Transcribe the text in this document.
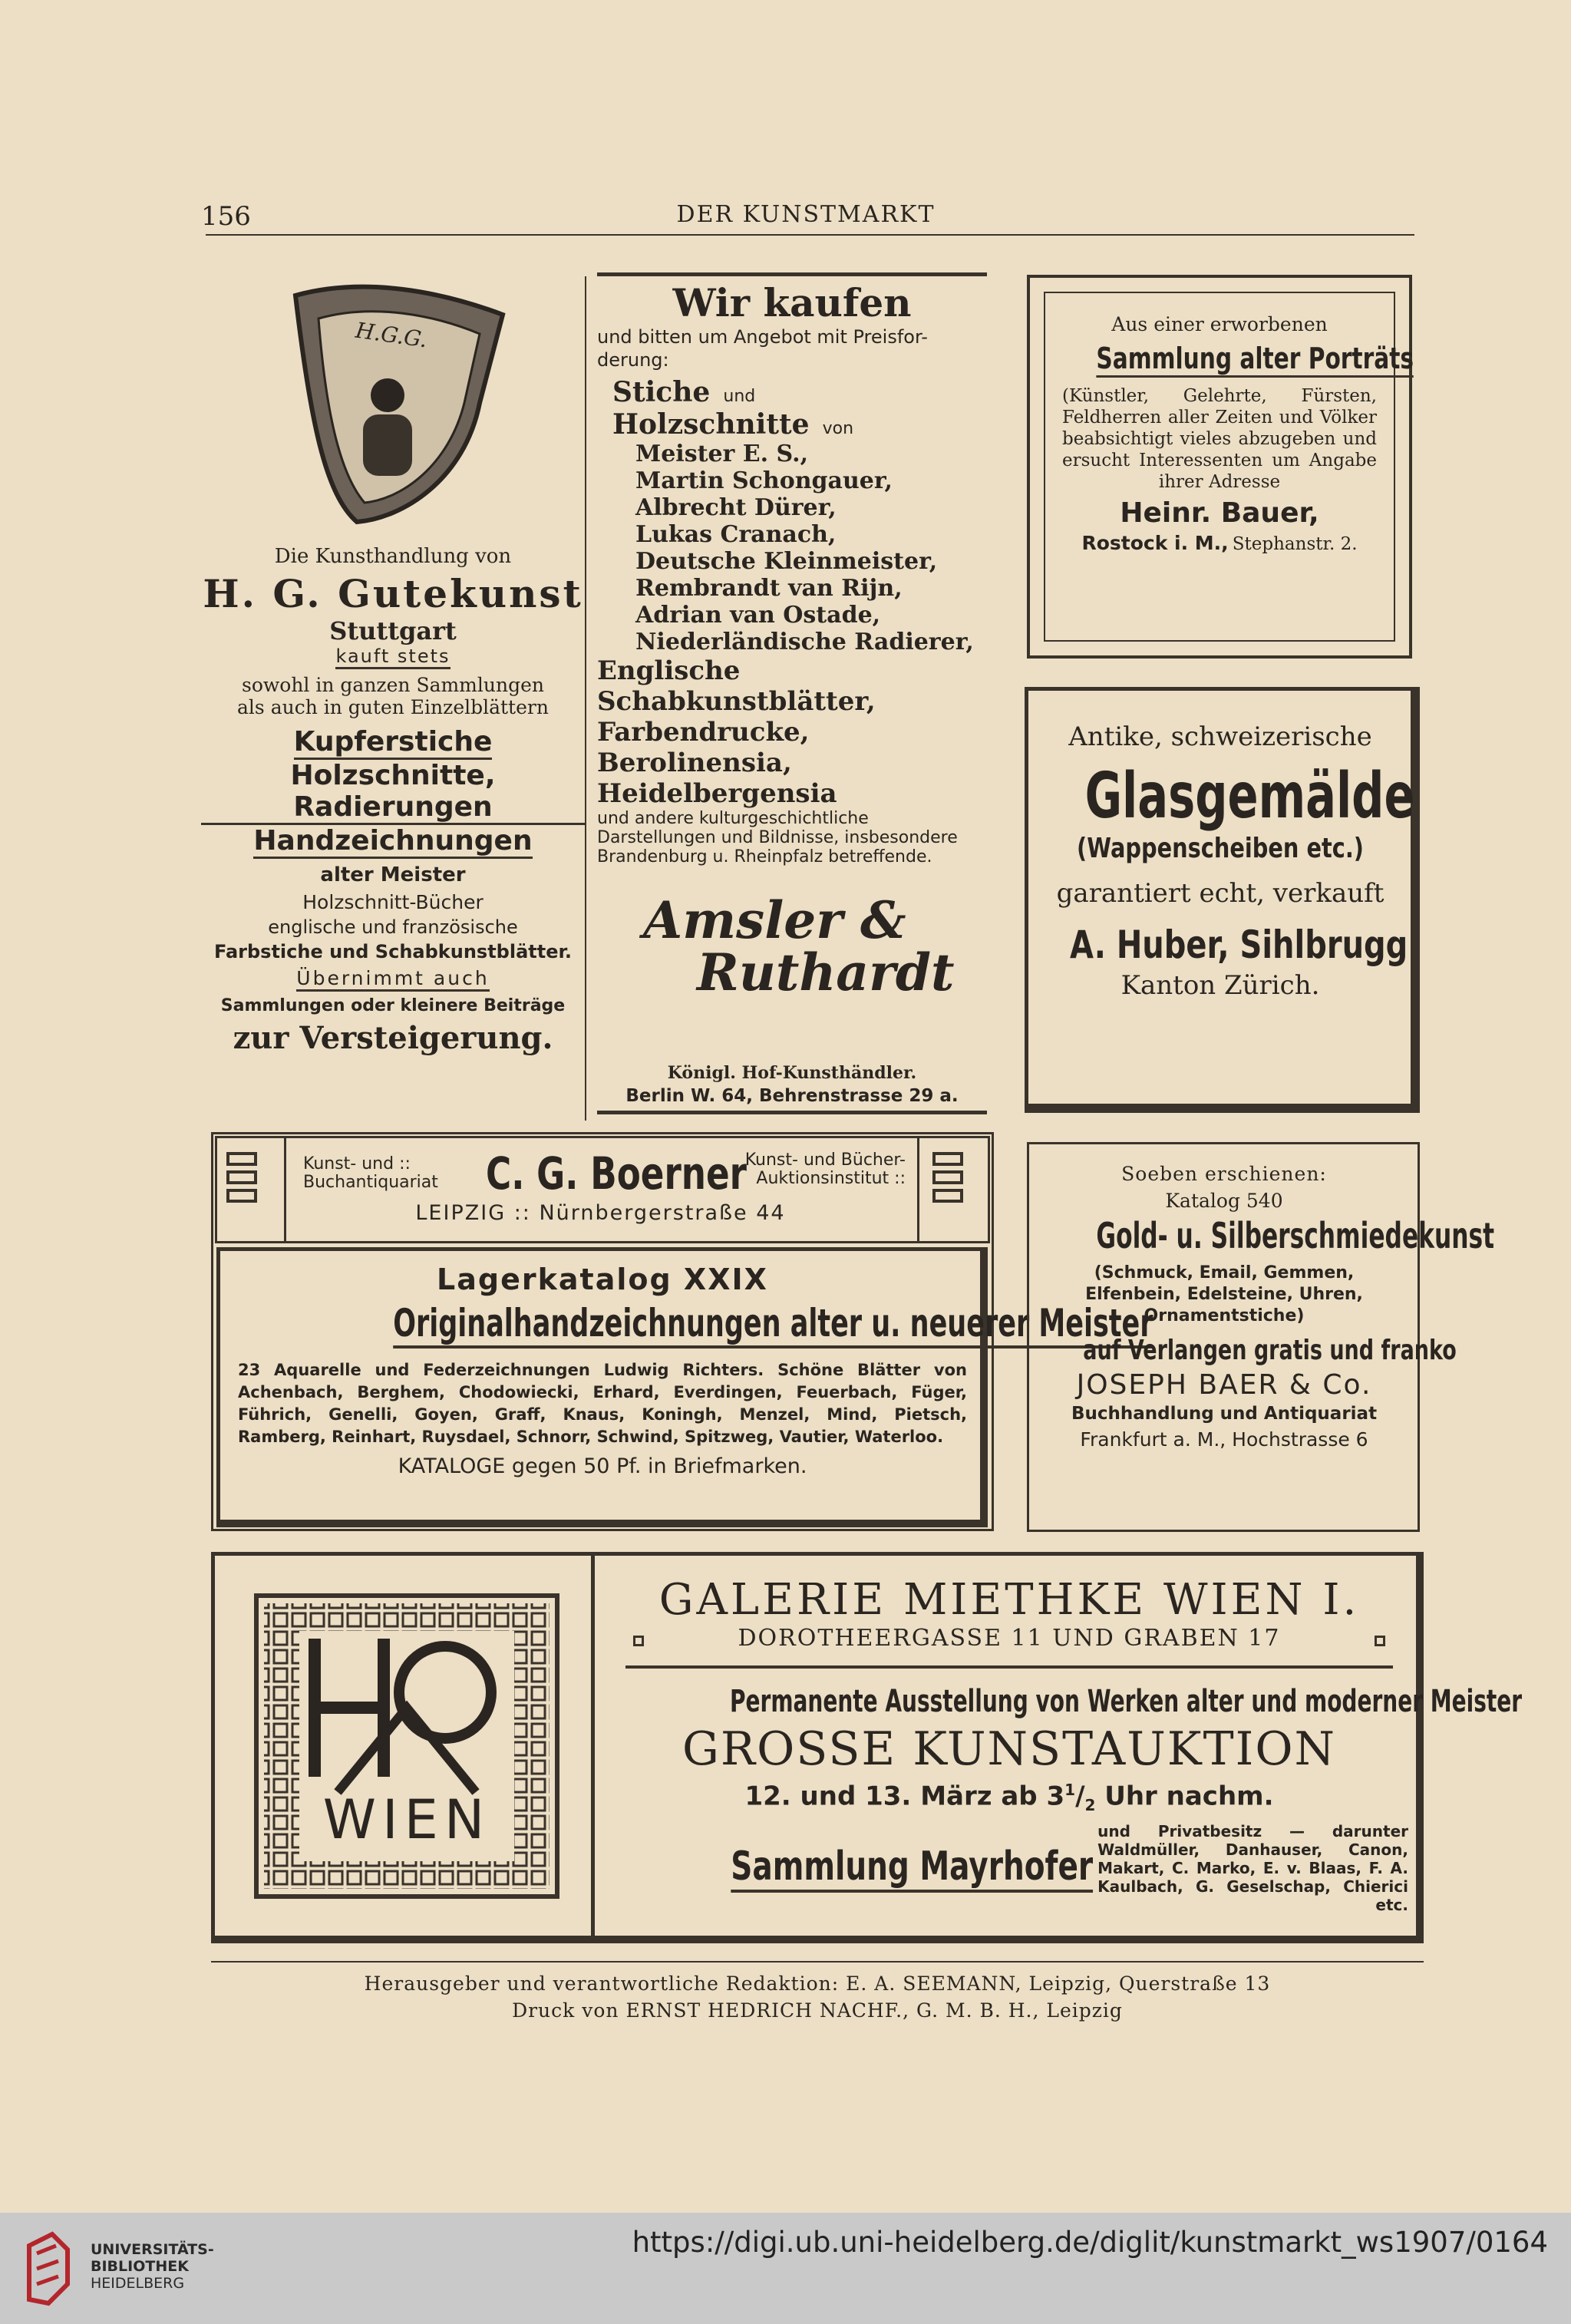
156	DER KUNSTMARKT
H.G.G.
Die Kunsthandlung von
H. G. Gutekunst
Stuttgart
kauft stets
sowohl in ganzen Sammlungen
als auch in guten Einzelblättern
Kupferstiche
Holzschnitte, Radierungen
Handzeichnungen
alter Meister
Holzschnitt-Bücher
englische und französische
Farbstiche und Schabkunstblätter.
Übernimmt auch
Sammlungen oder kleinere Beiträge
zur Versteigerung.
Wir kaufen
und bitten um Angebot mit Preisfor-derung:
Stiche und
Holzschnitte von
Meister E. S.,
Martin Schongauer,
Albrecht Dürer,
Lukas Cranach,
Deutsche Kleinmeister,
Rembrandt van Rijn,
Adrian van Ostade,
Niederländische Radierer,
Englische Schabkunstblätter,
Farbendrucke,
Berolinensia,
Heidelbergensia
und andere kulturgeschichtliche Darstellungen und Bildnisse, insbesondere Brandenburg u. Rheinpfalz betreffende.
Amsler &
Ruthardt
Königl. Hof-Kunsthändler.
Berlin W. 64, Behrenstrasse 29 a.
Aus einer erworbenen
Sammlung alter Porträts
(Künstler, Gelehrte, Fürsten, Feldherren aller Zeiten und Völker beabsichtigt vieles abzugeben und ersucht Interessenten um Angabe ihrer Adresse
Heinr. Bauer,
Rostock i. M., Stephanstr. 2.
Antike, schweizerische
Glasgemälde
(Wappenscheiben etc.)
garantiert echt, verkauft
A. Huber, Sihlbrugg
Kanton Zürich.
Kunst- und ::
Buchantiquariat	C. G. Boerner
Kunst- und Bücher-
Auktionsinstitut ::
LEIPZIG :: Nürnbergerstraße 44
Lagerkatalog XXIX
Originalhandzeichnungen alter u. neuerer Meister
23 Aquarelle und Federzeichnungen Ludwig Richters. Schöne Blätter von Achenbach, Berghem, Chodowiecki, Erhard, Everdingen, Feuerbach, Füger, Führich, Genelli, Goyen, Graff, Knaus, Koningh, Menzel, Mind, Pietsch, Ramberg, Reinhart, Ruysdael, Schnorr, Schwind, Spitzweg, Vautier, Waterloo.
KATALOGE gegen 50 Pf. in Briefmarken.
Soeben erschienen:
Katalog 540
Gold- u. Silberschmiedekunst
(Schmuck, Email, Gemmen, Elfenbein, Edelsteine, Uhren, Ornamentstiche)
auf Verlangen gratis und franko
JOSEPH BAER & Co.
Buchhandlung und Antiquariat
Frankfurt a. M., Hochstrasse 6
WIEN
GALERIE MIETHKE WIEN I.
DOROTHEERGASSE 11 UND GRABEN 17
Permanente Ausstellung von Werken alter und moderner Meister
GROSSE KUNSTAUKTION
12. und 13. März ab $3^1/_2$ Uhr nachm.
Sammlung Mayrhofer
und Privatbesitz — darunter Waldmüller, Danhauser, Canon, Makart, C. Marko, E. v. Blaas, F. A. Kaulbach, G. Geselschap, Chierici etc.
Herausgeber und verantwortliche Redaktion: E. A. SEEMANN, Leipzig, Querstraße 13
Druck von ERNST HEDRICH NACHF., G. M. B. H., Leipzig
UNIVERSITÄTS-
BIBLIOTHEK
HEIDELBERG
https://digi.ub.uni-heidelberg.de/diglit/kunstmarkt_ws1907/0164
